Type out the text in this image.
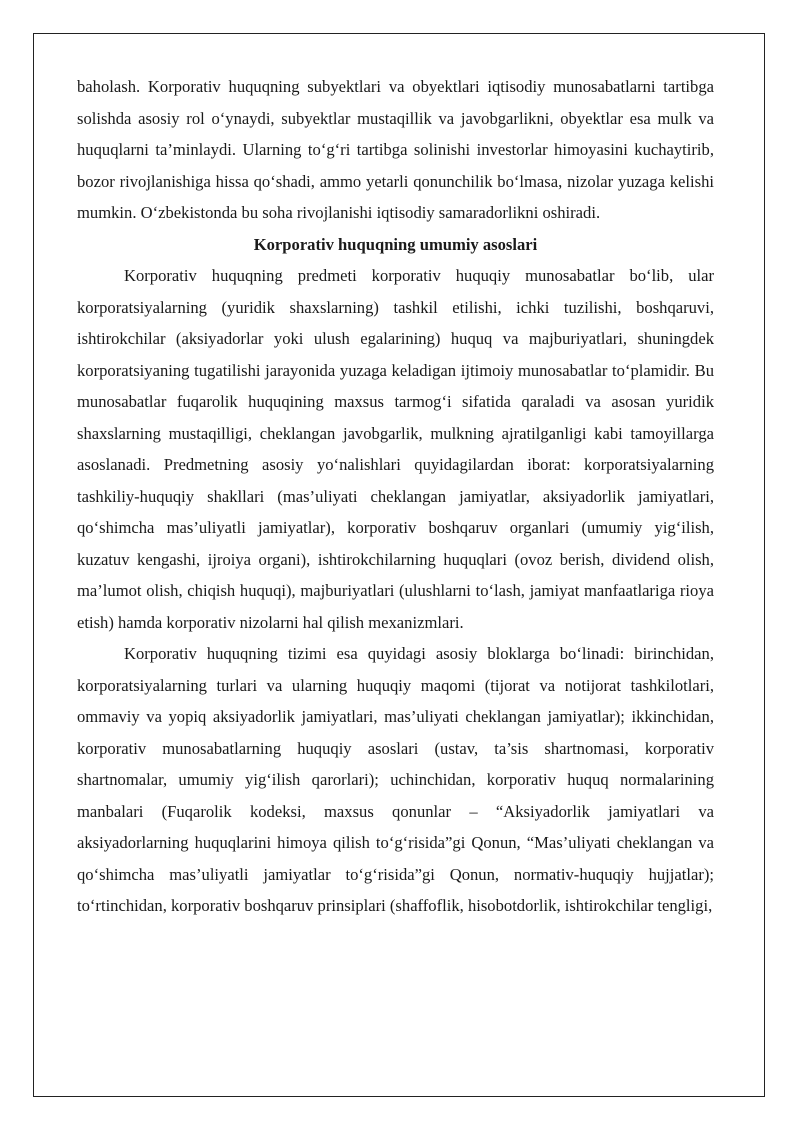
baholash. Korporativ huquqning subyektlari va obyektlari iqtisodiy munosabatlarni tartibga solishda asosiy rol o‘ynaydi, subyektlar mustaqillik va javobgarlikni, obyektlar esa mulk va huquqlarni ta’minlaydi. Ularning to‘g‘ri tartibga solinishi investorlar himoyasini kuchaytirib, bozor rivojlanishiga hissa qo‘shadi, ammo yetarli qonunchilik bo‘lmasa, nizolar yuzaga kelishi mumkin. O‘zbekistonda bu soha rivojlanishi iqtisodiy samaradorlikni oshiradi.

Korporativ huquqning umumiy asoslari

Korporativ huquqning predmeti korporativ huquqiy munosabatlar bo‘lib, ular korporatsiyalarning (yuridik shaxslarning) tashkil etilishi, ichki tuzilishi, boshqaruvi, ishtirokchilar (aksiyadorlar yoki ulush egalarining) huquq va majburiyatlari, shuningdek korporatsiyaning tugatilishi jarayonida yuzaga keladigan ijtimoiy munosabatlar to‘plamidir. Bu munosabatlar fuqarolik huquqining maxsus tarmog‘i sifatida qaraladi va asosan yuridik shaxslarning mustaqilligi, cheklangan javobgarlik, mulkning ajratilganligi kabi tamoyillarga asoslanadi. Predmetning asosiy yo‘nalishlari quyidagilardan iborat: korporatsiyalarning tashkiliy-huquqiy shakllari (mas’uliyati cheklangan jamiyatlar, aksiyadorlik jamiyatlari, qo‘shimcha mas’uliyatli jamiyatlar), korporativ boshqaruv organlari (umumiy yig‘ilish, kuzatuv kengashi, ijroiya organi), ishtirokchilarning huquqlari (ovoz berish, dividend olish, ma’lumot olish, chiqish huquqi), majburiyatlari (ulushlarni to‘lash, jamiyat manfaatlariga rioya etish) hamda korporativ nizolarni hal qilish mexanizmlari.

Korporativ huquqning tizimi esa quyidagi asosiy bloklarga bo‘linadi: birinchidan, korporatsiyalarning turlari va ularning huquqiy maqomi (tijorat va notijorat tashkilotlari, ommaviy va yopiq aksiyadorlik jamiyatlari, mas’uliyati cheklangan jamiyatlar); ikkinchidan, korporativ munosabatlarning huquqiy asoslari (ustav, ta’sis shartnomasi, korporativ shartnomalar, umumiy yig‘ilish qarorlari); uchinchidan, korporativ huquq normalarining manbalari (Fuqarolik kodeksi, maxsus qonunlar – “Aksiyadorlik jamiyatlari va aksiyadorlarning huquqlarini himoya qilish to‘g‘risida”gi Qonun, “Mas’uliyati cheklangan va qo‘shimcha mas’uliyatli jamiyatlar to‘g‘risida”gi Qonun, normativ-huquqiy hujjatlar); to‘rtinchidan, korporativ boshqaruv prinsiplari (shaffoflik, hisobotdorlik, ishtirokchilar tengligi,
